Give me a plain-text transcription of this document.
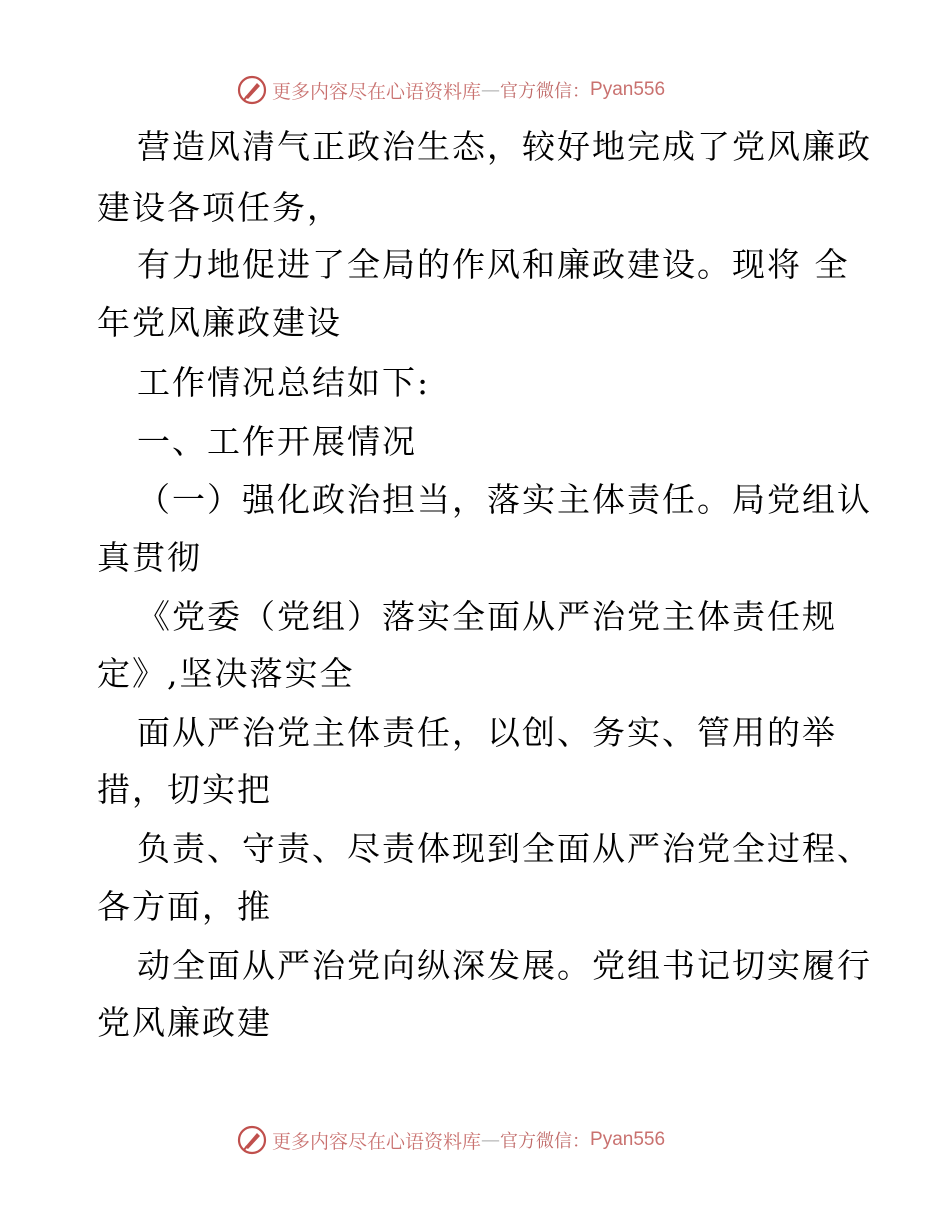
更多内容尽在心语资料库 — 官方微信： Pyan556
营造风清气正政治生态，较好地完成了党风廉政
建设各项任务，
有力地促进了全局的作风和廉政建设。现将 全
年党风廉政建设
工作情况总结如下:
一、工作开展情况
（一）强化政治担当，落实主体责任。局党组认
真贯彻
《党委（党组）落实全面从严治党主体责任规
定》,坚决落实全
面从严治党主体责任，以创、务实、管用的举
措，切实把
负责、守责、尽责体现到全面从严治党全过程、
各方面，推
动全面从严治党向纵深发展。党组书记切实履行
党风廉政建
更多内容尽在心语资料库 — 官方微信： Pyan556
